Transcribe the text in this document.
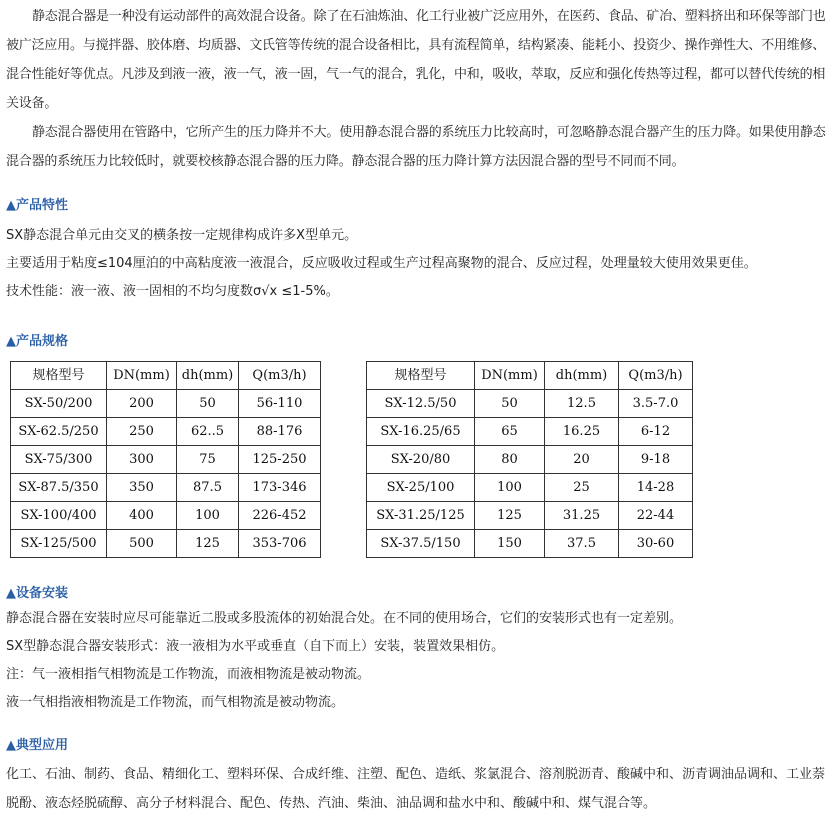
静态混合器是一种没有运动部件的高效混合设备。除了在石油炼油、化工行业被广泛应用外，在医药、食品、矿冶、塑料挤出和环保等部门也被广泛应用。与搅拌器、胶体磨、均质器、文氏管等传统的混合设备相比，具有流程简单，结构紧凑、能耗小、投资少、操作弹性大、不用维修、混合性能好等优点。凡涉及到液一液，液一气，液一固，气一气的混合，乳化，中和，吸收，萃取，反应和强化传热等过程，都可以替代传统的相关设备。

静态混合器使用在管路中，它所产生的压力降并不大。使用静态混合器的系统压力比较高时，可忽略静态混合器产生的压力降。如果使用静态混合器的系统压力比较低时，就要校核静态混合器的压力降。静态混合器的压力降计算方法因混合器的型号不同而不同。

▲产品特性

SX静态混合单元由交叉的横条按一定规律构成许多X型单元。

主要适用于粘度≤104厘泊的中高粘度液一液混合，反应吸收过程或生产过程高聚物的混合、反应过程，处理量较大使用效果更佳。

技术性能：液一液、液一固相的不均匀度数σ√x ≤1-5%。

▲产品规格

规格型号	DN(mm)	dh(mm)	Q(m3/h)
SX-50/200	200	50	56-110
SX-62.5/250	250	62..5	88-176
SX-75/300	300	75	125-250
SX-87.5/350	350	87.5	173-346
SX-100/400	400	100	226-452
SX-125/500	500	125	353-706
规格型号	DN(mm)	dh(mm)	Q(m3/h)
SX-12.5/50	50	12.5	3.5-7.0
SX-16.25/65	65	16.25	6-12
SX-20/80	80	20	9-18
SX-25/100	100	25	14-28
SX-31.25/125	125	31.25	22-44
SX-37.5/150	150	37.5	30-60

▲设备安装

静态混合器在安装时应尽可能靠近二股或多股流体的初始混合处。在不同的使用场合，它们的安装形式也有一定差别。

SX型静态混合器安装形式：液一液相为水平或垂直（自下而上）安装，装置效果相仿。

注：气一液相指气相物流是工作物流，而液相物流是被动物流。

液一气相指液相物流是工作物流，而气相物流是被动物流。

▲典型应用

化工、石油、制药、食品、精细化工、塑料环保、合成纤维、注塑、配色、造纸、浆氯混合、溶剂脱沥青、酸碱中和、沥青调油品调和、工业萘脱酚、液态烃脱硫醇、高分子材料混合、配色、传热、汽油、柴油、油品调和盐水中和、酸碱中和、煤气混合等。
